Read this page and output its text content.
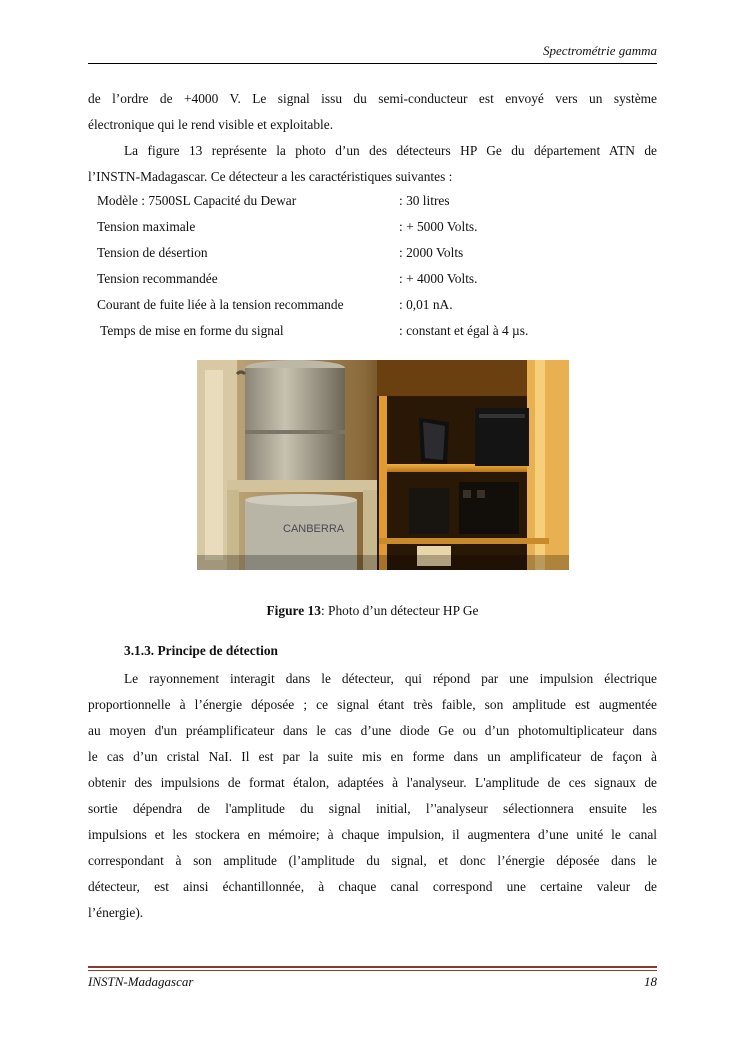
Spectrométrie gamma
de l’ordre de +4000 V. Le signal issu du semi-conducteur est envoyé vers un système
électronique qui le rend visible et exploitable.
La figure 13 représente la photo d’un des détecteurs HP Ge du département ATN de
l’INSTN-Madagascar. Ce détecteur a les caractéristiques suivantes :
Modèle : 7500SL Capacité du Dewar	: 30 litres
Tension maximale	: + 5000 Volts.
Tension de désertion	: 2000 Volts
Tension recommandée	: + 4000 Volts.
Courant de fuite liée à la tension recommande	: 0,01 nA.
Temps de mise en forme du signal	: constant et égal à 4 µs.
CANBERRA
Figure 13: Photo d’un détecteur HP Ge
3.1.3. Principe de détection
Le rayonnement interagit dans le détecteur, qui répond par une impulsion électrique
proportionnelle à l’énergie déposée ; ce signal étant très faible, son amplitude est augmentée
au moyen d'un préamplificateur dans le cas d’une diode Ge ou d’un photomultiplicateur dans
le cas d’un cristal NaI. Il est par la suite mis en forme dans un amplificateur de façon à
obtenir des impulsions de format étalon, adaptées à l'analyseur. L'amplitude de ces signaux de
sortie dépendra de l'amplitude du signal initial, l’'analyseur sélectionnera ensuite les
impulsions et les stockera en mémoire; à chaque impulsion, il augmentera d’une unité le canal
correspondant à son amplitude (l’amplitude du signal, et donc l’énergie déposée dans le
détecteur, est ainsi échantillonnée, à chaque canal correspond une certaine valeur de
l’énergie).
INSTN-Madagascar	18
